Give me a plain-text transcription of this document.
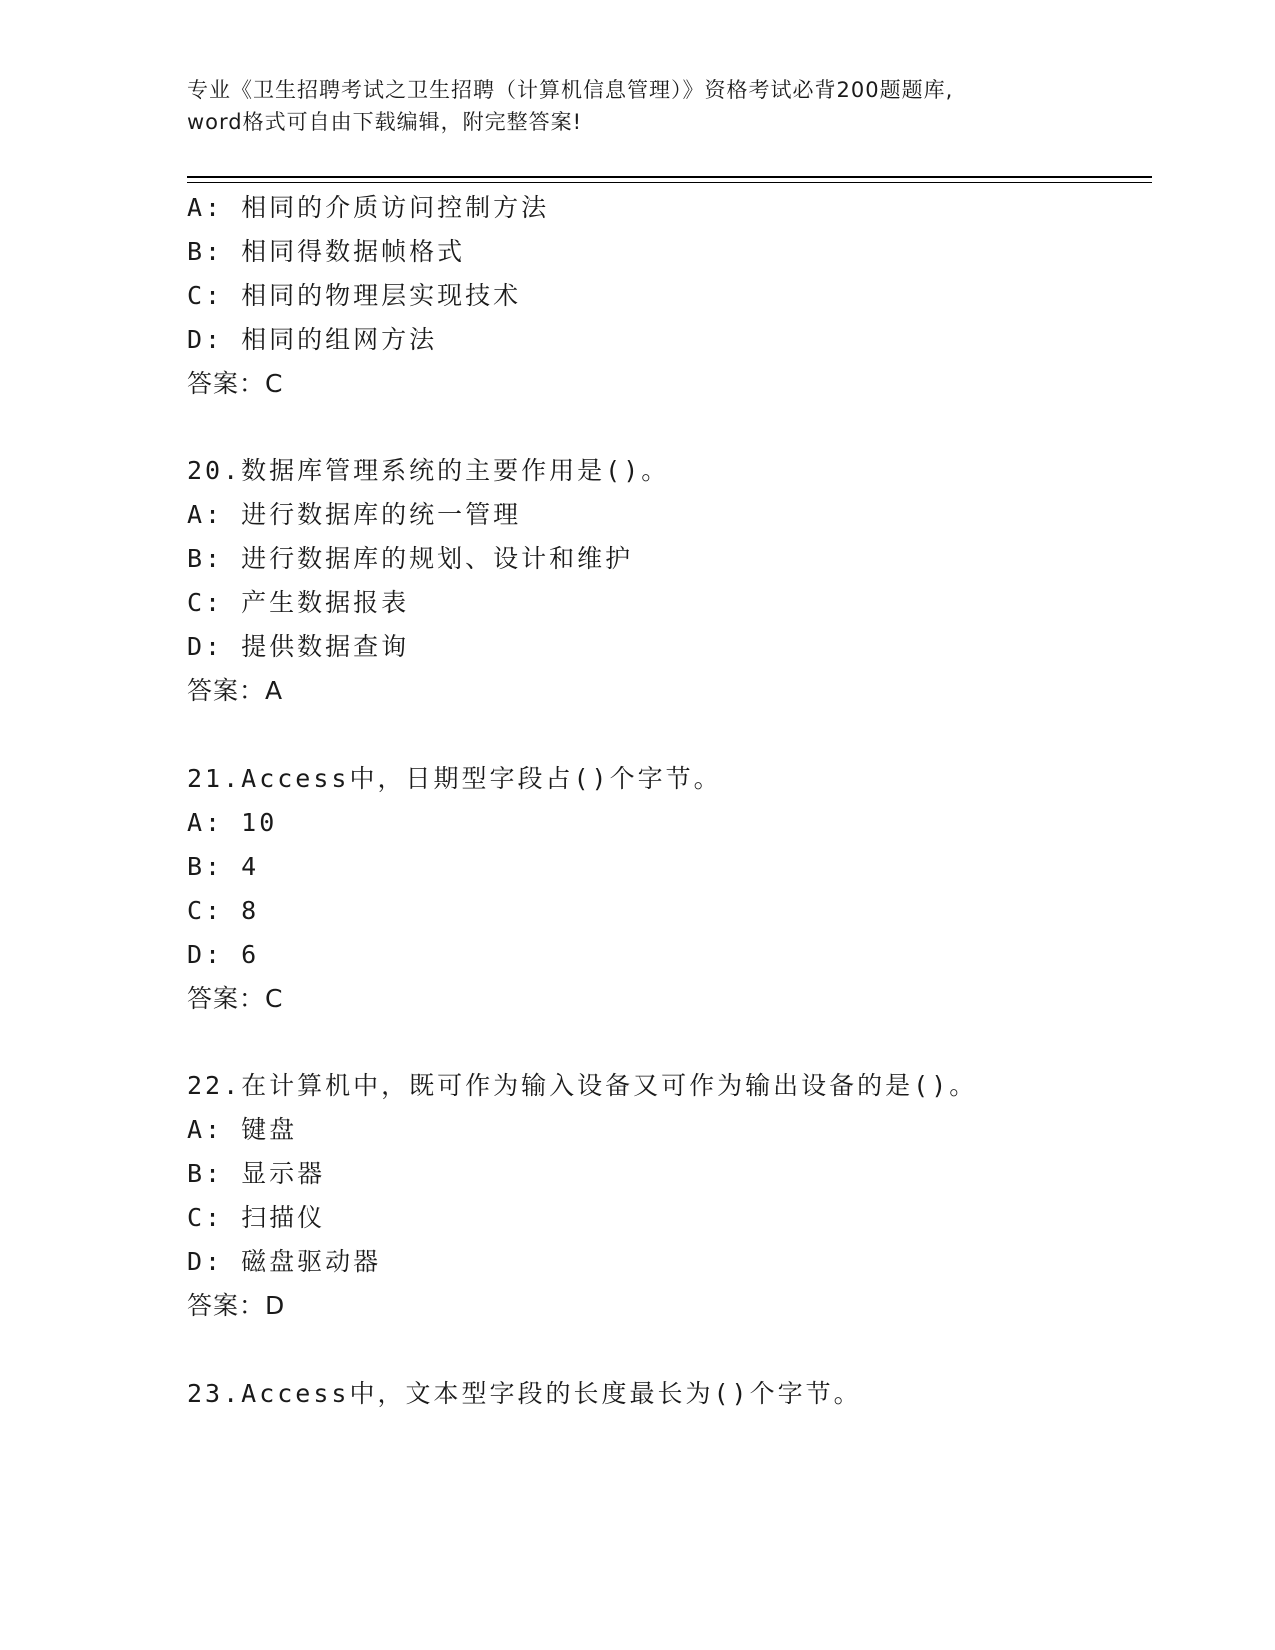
专业《卫生招聘考试之卫生招聘（计算机信息管理）》资格考试必背200题题库,
word格式可自由下载编辑，附完整答案!
A: 相同的介质访问控制方法
B: 相同得数据帧格式
C: 相同的物理层实现技术
D: 相同的组网方法
答案：C
20.数据库管理系统的主要作用是()。
A: 进行数据库的统一管理
B: 进行数据库的规划、设计和维护
C: 产生数据报表
D: 提供数据查询
答案：A
21.Access中，日期型字段占()个字节。
A: 10
B: 4
C: 8
D: 6
答案：C
22.在计算机中，既可作为输入设备又可作为输出设备的是()。
A: 键盘
B: 显示器
C: 扫描仪
D: 磁盘驱动器
答案：D
23.Access中，文本型字段的长度最长为()个字节。
